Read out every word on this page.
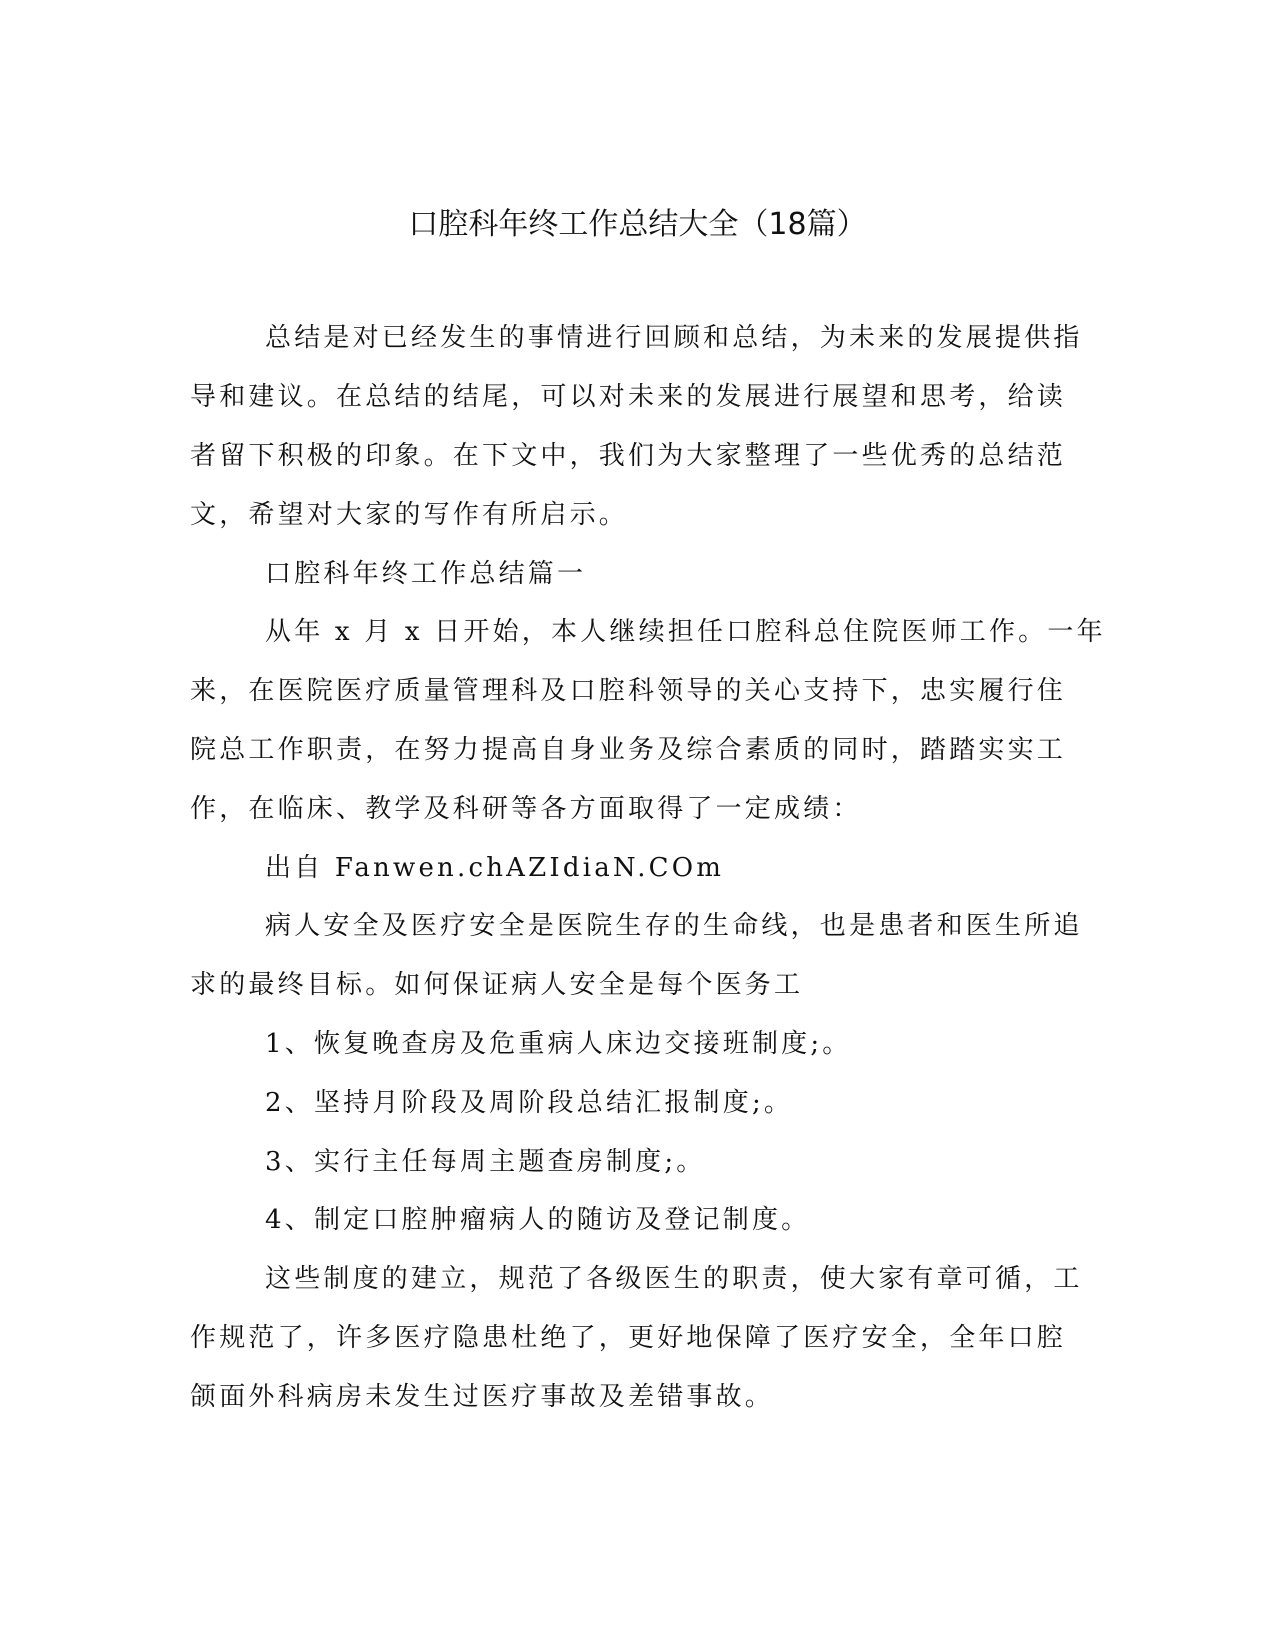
口腔科年终工作总结大全（18篇）
总结是对已经发生的事情进行回顾和总结，为未来的发展提供指
导和建议。在总结的结尾，可以对未来的发展进行展望和思考，给读
者留下积极的印象。在下文中，我们为大家整理了一些优秀的总结范
文，希望对大家的写作有所启示。
口腔科年终工作总结篇一
从年 x 月 x 日开始，本人继续担任口腔科总住院医师工作。一年
来，在医院医疗质量管理科及口腔科领导的关心支持下，忠实履行住
院总工作职责，在努力提高自身业务及综合素质的同时，踏踏实实工
作，在临床、教学及科研等各方面取得了一定成绩：
出自 Fanwen.chAZIdiaN.COm
病人安全及医疗安全是医院生存的生命线，也是患者和医生所追
求的最终目标。如何保证病人安全是每个医务工
1、恢复晚查房及危重病人床边交接班制度;。
2、坚持月阶段及周阶段总结汇报制度;。
3、实行主任每周主题查房制度;。
4、制定口腔肿瘤病人的随访及登记制度。
这些制度的建立，规范了各级医生的职责，使大家有章可循，工
作规范了，许多医疗隐患杜绝了，更好地保障了医疗安全，全年口腔
颌面外科病房未发生过医疗事故及差错事故。
